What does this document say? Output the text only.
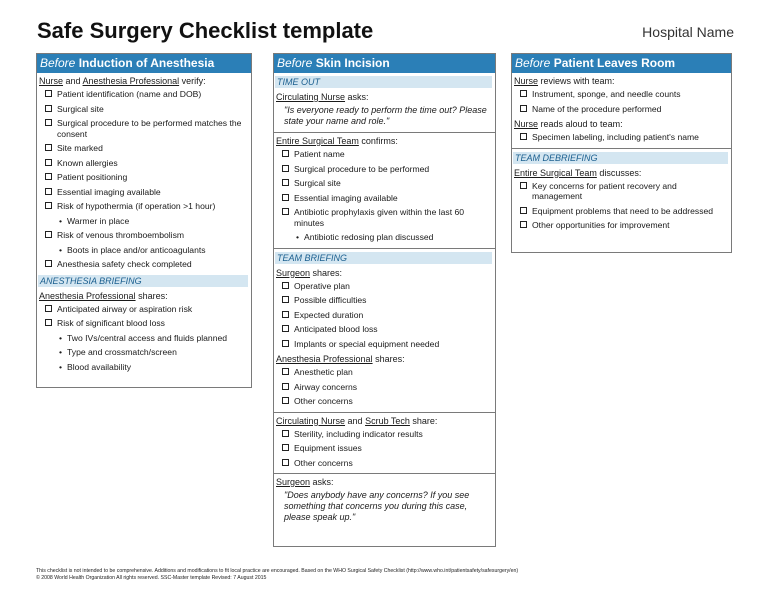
Safe Surgery Checklist template	Hospital Name
Before Induction of Anesthesia
Nurse and Anesthesia Professional verify:
Patient identification (name and DOB)
Surgical site
Surgical procedure to be performed matches the consent
Site marked
Known allergies
Patient positioning
Essential imaging available
Risk of hypothermia (if operation >1 hour)
• Warmer in place
Risk of venous thromboembolism
• Boots in place and/or anticoagulants
Anesthesia safety check completed
ANESTHESIA BRIEFING
Anesthesia Professional shares:
Anticipated airway or aspiration risk
Risk of significant blood loss
• Two IVs/central access and fluids planned
• Type and crossmatch/screen
• Blood availability
Before Skin Incision
TIME OUT
Circulating Nurse asks:
"Is everyone ready to perform the time out? Please state your name and role."
Entire Surgical Team confirms:
Patient name
Surgical procedure to be performed
Surgical site
Essential imaging available
Antibiotic prophylaxis given within the last 60 minutes
• Antibiotic redosing plan discussed
TEAM BRIEFING
Surgeon shares:
Operative plan
Possible difficulties
Expected duration
Anticipated blood loss
Implants or special equipment needed
Anesthesia Professional shares:
Anesthetic plan
Airway concerns
Other concerns
Circulating Nurse and Scrub Tech share:
Sterility, including indicator results
Equipment issues
Other concerns
Surgeon asks:
"Does anybody have any concerns? If you see something that concerns you during this case, please speak up."
Before Patient Leaves Room
Nurse reviews with team:
Instrument, sponge, and needle counts
Name of the procedure performed
Nurse reads aloud to team:
Specimen labeling, including patient's name
TEAM DEBRIEFING
Entire Surgical Team discusses:
Key concerns for patient recovery and management
Equipment problems that need to be addressed
Other opportunities for improvement
This checklist is not intended to be comprehensive. Additions and modifications to fit local practice are encouraged. Based on the WHO Surgical Safety Checklist (http://www.who.int/patientsafety/safesurgery/en)
© 2008 World Health Organization All rights reserved. SSC-Master template Revised: 7 August 2015
